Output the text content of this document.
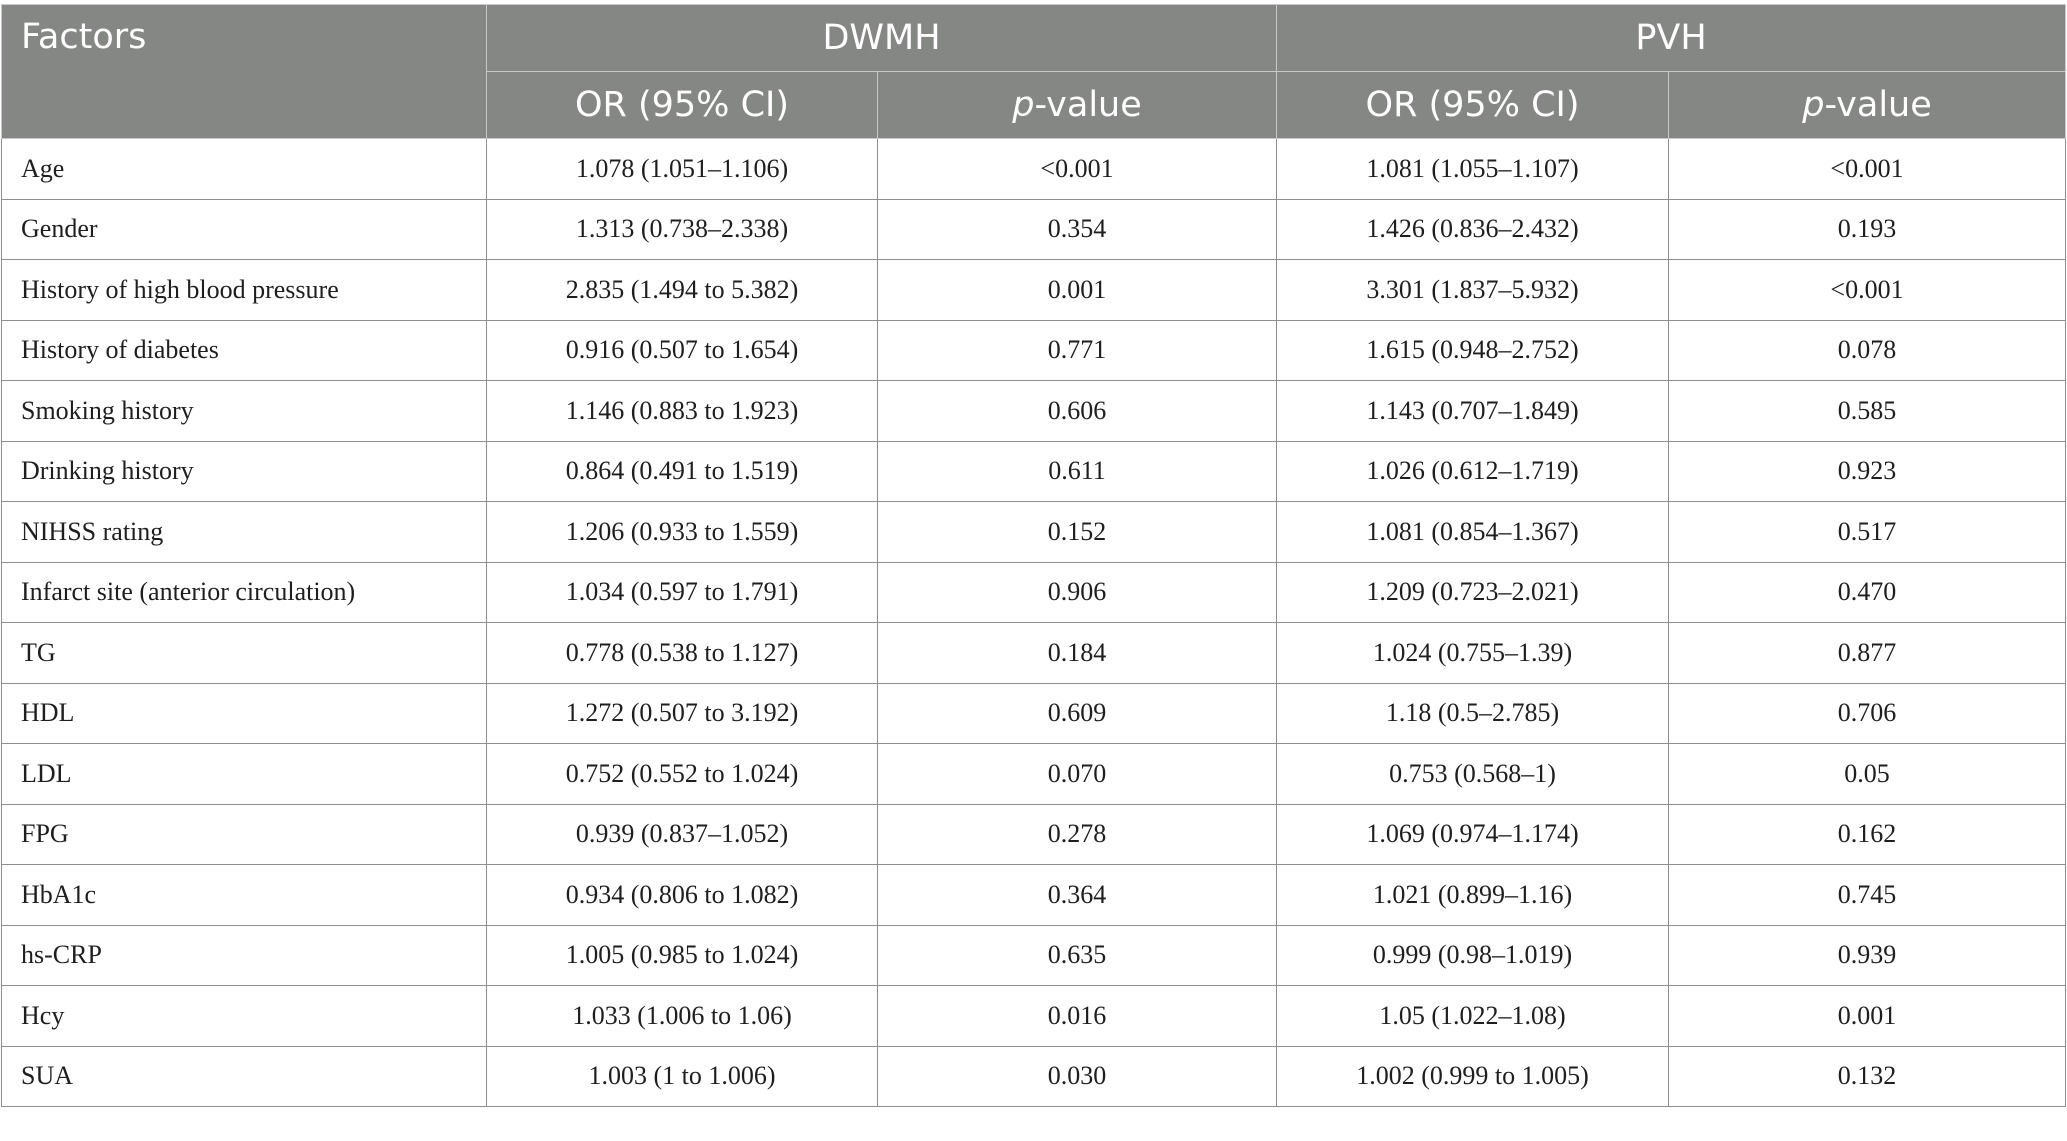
Factors	DWMH		PVH	
	OR (95% CI)	p-value	OR (95% CI)	p-value
Age	1.078 (1.051–1.106)	<0.001	1.081 (1.055–1.107)	<0.001
Gender	1.313 (0.738–2.338)	0.354	1.426 (0.836–2.432)	0.193
History of high blood pressure	2.835 (1.494 to 5.382)	0.001	3.301 (1.837–5.932)	<0.001
History of diabetes	0.916 (0.507 to 1.654)	0.771	1.615 (0.948–2.752)	0.078
Smoking history	1.146 (0.883 to 1.923)	0.606	1.143 (0.707–1.849)	0.585
Drinking history	0.864 (0.491 to 1.519)	0.611	1.026 (0.612–1.719)	0.923
NIHSS rating	1.206 (0.933 to 1.559)	0.152	1.081 (0.854–1.367)	0.517
Infarct site (anterior circulation)	1.034 (0.597 to 1.791)	0.906	1.209 (0.723–2.021)	0.470
TG	0.778 (0.538 to 1.127)	0.184	1.024 (0.755–1.39)	0.877
HDL	1.272 (0.507 to 3.192)	0.609	1.18 (0.5–2.785)	0.706
LDL	0.752 (0.552 to 1.024)	0.070	0.753 (0.568–1)	0.05
FPG	0.939 (0.837–1.052)	0.278	1.069 (0.974–1.174)	0.162
HbA1c	0.934 (0.806 to 1.082)	0.364	1.021 (0.899–1.16)	0.745
hs-CRP	1.005 (0.985 to 1.024)	0.635	0.999 (0.98–1.019)	0.939
Hcy	1.033 (1.006 to 1.06)	0.016	1.05 (1.022–1.08)	0.001
SUA	1.003 (1 to 1.006)	0.030	1.002 (0.999 to 1.005)	0.132
